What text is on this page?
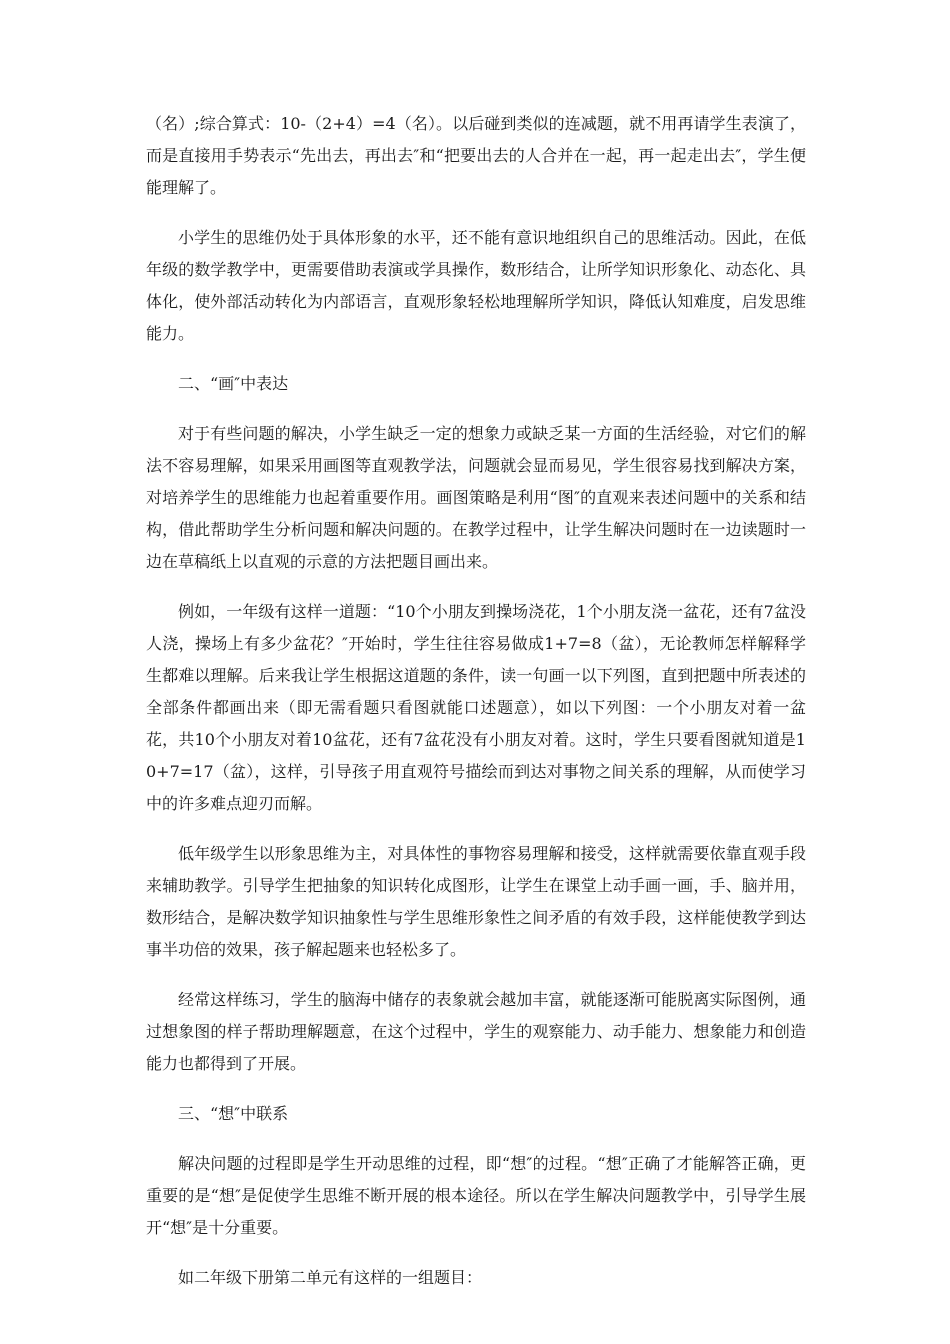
（名）;综合算式：10-（2+4）=4（名）。以后碰到类似的连减题，就不用再请学生表演了，而是直接用手势表示“先出去，再出去″和“把要出去的人合并在一起，再一起走出去″，学生便能理解了。

小学生的思维仍处于具体形象的水平，还不能有意识地组织自己的思维活动。因此，在低年级的数学教学中，更需要借助表演或学具操作，数形结合，让所学知识形象化、动态化、具体化，使外部活动转化为内部语言，直观形象轻松地理解所学知识，降低认知难度，启发思维能力。

二、“画″中表达

对于有些问题的解决，小学生缺乏一定的想象力或缺乏某一方面的生活经验，对它们的解法不容易理解，如果采用画图等直观教学法，问题就会显而易见，学生很容易找到解决方案，对培养学生的思维能力也起着重要作用。画图策略是利用“图″的直观来表述问题中的关系和结构，借此帮助学生分析问题和解决问题的。在教学过程中，让学生解决问题时在一边读题时一边在草稿纸上以直观的示意的方法把题目画出来。

例如，一年级有这样一道题：“10个小朋友到操场浇花，1个小朋友浇一盆花，还有7盆没人浇，操场上有多少盆花？″开始时，学生往往容易做成1+7=8（盆），无论教师怎样解释学生都难以理解。后来我让学生根据这道题的条件，读一句画一以下列图，直到把题中所表述的全部条件都画出来（即无需看题只看图就能口述题意），如以下列图：一个小朋友对着一盆花，共10个小朋友对着10盆花，还有7盆花没有小朋友对着。这时，学生只要看图就知道是10+7=17（盆），这样，引导孩子用直观符号描绘而到达对事物之间关系的理解，从而使学习中的许多难点迎刃而解。

低年级学生以形象思维为主，对具体性的事物容易理解和接受，这样就需要依靠直观手段来辅助教学。引导学生把抽象的知识转化成图形，让学生在课堂上动手画一画，手、脑并用，数形结合，是解决数学知识抽象性与学生思维形象性之间矛盾的有效手段，这样能使教学到达事半功倍的效果，孩子解起题来也轻松多了。

经常这样练习，学生的脑海中储存的表象就会越加丰富，就能逐渐可能脱离实际图例，通过想象图的样子帮助理解题意，在这个过程中，学生的观察能力、动手能力、想象能力和创造能力也都得到了开展。

三、“想″中联系

解决问题的过程即是学生开动思维的过程，即“想″的过程。“想″正确了才能解答正确，更重要的是“想″是促使学生思维不断开展的根本途径。所以在学生解决问题教学中，引导学生展开“想″是十分重要。

如二年级下册第二单元有这样的一组题目：
